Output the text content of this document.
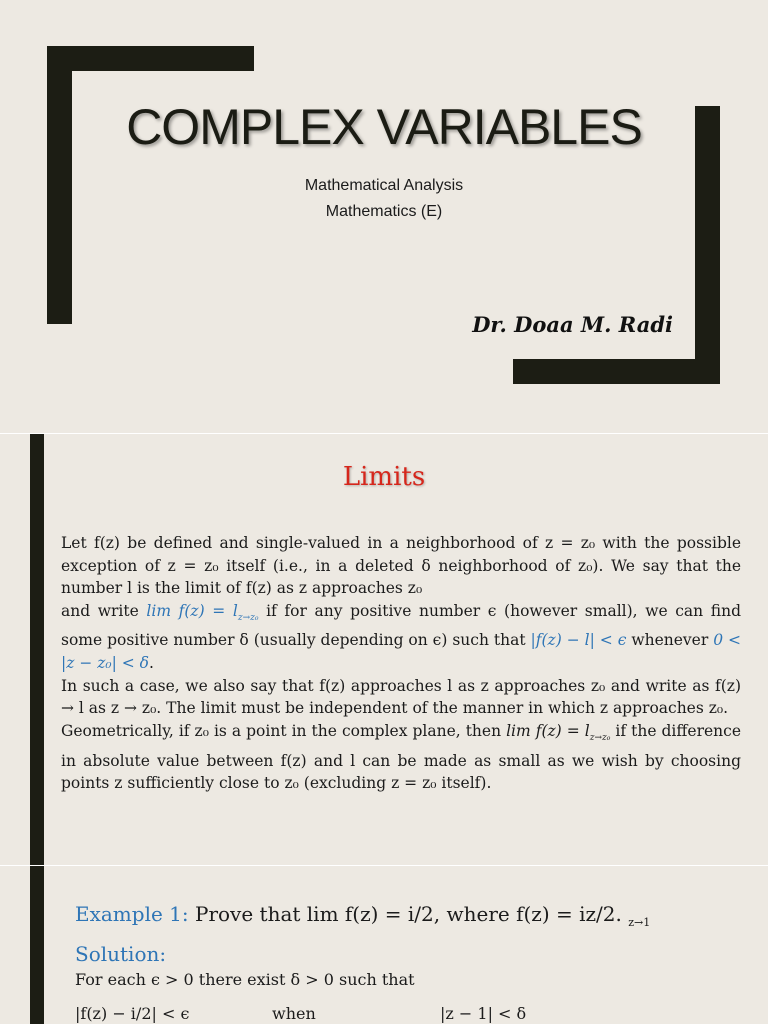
COMPLEX VARIABLES
Mathematical Analysis
Mathematics (E)
Dr. Doaa M. Radi
Limits

Let f(z) be defined and single-valued in a neighborhood of z = z₀ with the possible exception of z = z₀ itself (i.e., in a deleted δ neighborhood of z₀). We say that the number l is the limit of f(z) as z approaches z₀

and write $\lim f(z) = l_{z\to z_0}$ if for any positive number ϵ (however small), we can find some positive number δ (usually depending on ϵ) such that |f(z) − l| < ϵ whenever 0 < |z − z₀| < δ.

In such a case, we also say that f(z) approaches l as z approaches z₀ and write as f(z) → l as z → z₀. The limit must be independent of the manner in which z approaches z₀.

Geometrically, if z₀ is a point in the complex plane, then $\lim f(z) = l_{z\to z_0}$ if the difference in absolute value between f(z) and l can be made as small as we wish by choosing points z sufficiently close to z₀ (excluding z = z₀ itself).

Example 1: Prove that lim f(z) = i/2, where f(z) = iz/2. $_{z\to 1}$
Solution:
For each ϵ > 0 there exist δ > 0 such that
|f(z) − i/2| < ϵ	when	|z − 1| < δ
